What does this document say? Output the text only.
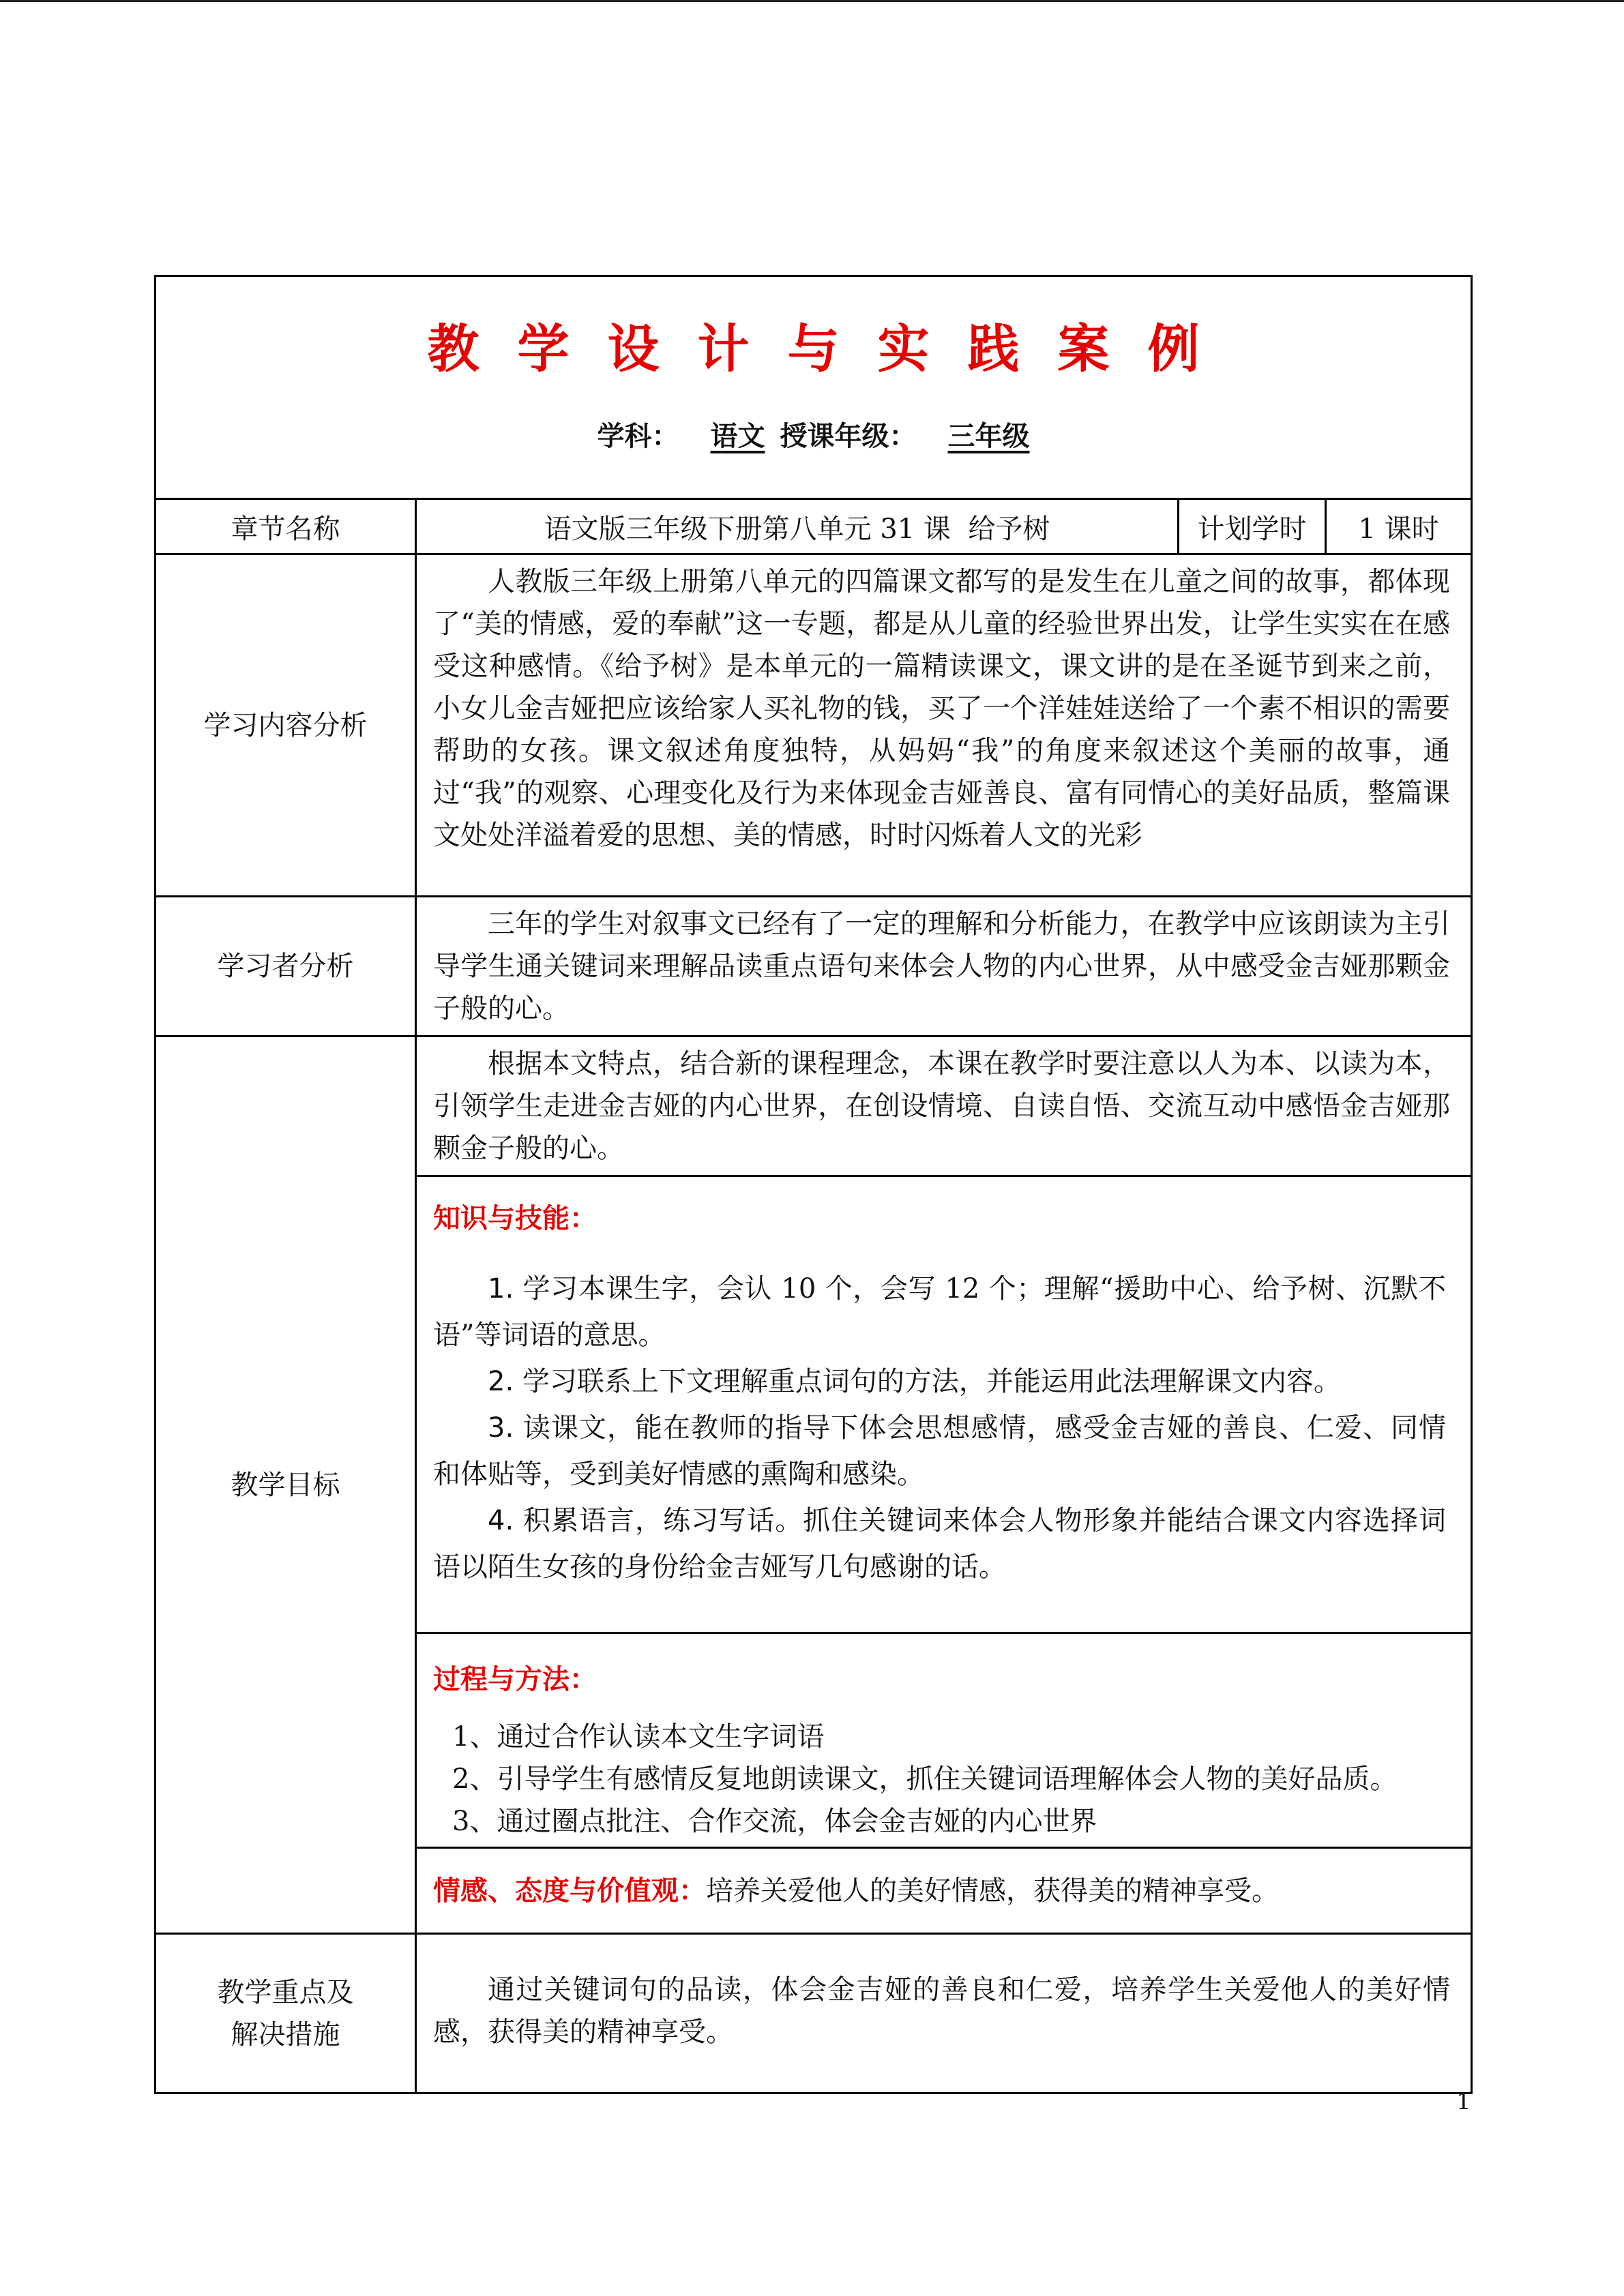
教学设计与实践案例
学科： 语文 授课年级： 三年级			

章节名称	语文版三年级下册第八单元 31 课  给予树	计划学时	1 课时
学习内容分析	人教版三年级上册第八单元的四篇课文都写的是发生在儿童之间的故事，都体现了“美的情感，爱的奉献”这一专题，都是从儿童的经验世界出发，让学生实实在在感受这种感情。《给予树》是本单元的一篇精读课文，课文讲的是在圣诞节到来之前，小女儿金吉娅把应该给家人买礼物的钱，买了一个洋娃娃送给了一个素不相识的需要帮助的女孩。课文叙述角度独特，从妈妈“我”的角度来叙述这个美丽的故事，通过“我”的观察、心理变化及行为来体现金吉娅善良、富有同情心的美好品质，整篇课文处处洋溢着爱的思想、美的情感，时时闪烁着人文的光彩		

学习者分析	三年的学生对叙事文已经有了一定的理解和分析能力，在教学中应该朗读为主引导学生通关键词来理解品读重点语句来体会人物的内心世界，从中感受金吉娅那颗金子般的心。		

教学目标	根据本文特点，结合新的课程理念，本课在教学时要注意以人为本、以读为本，引领学生走进金吉娅的内心世界，在创设情境、自读自悟、交流互动中感悟金吉娅那颗金子般的心。		

	知识与技能：

1. 学习本课生字，会认 10 个，会写 12 个；理解“援助中心、给予树、沉默不语”等词语的意思。

2. 学习联系上下文理解重点词句的方法，并能运用此法理解课文内容。

3. 读课文，能在教师的指导下体会思想感情，感受金吉娅的善良、仁爱、同情和体贴等，受到美好情感的熏陶和感染。

4. 积累语言，练习写话。抓住关键词来体会人物形象并能结合课文内容选择词语以陌生女孩的身份给金吉娅写几句感谢的话。		

	过程与方法：

1、通过合作认读本文生字词语

2、引导学生有感情反复地朗读课文，抓住关键词语理解体会人物的美好品质。

3、通过圈点批注、合作交流，体会金吉娅的内心世界		

	情感、态度与价值观：培养关爱他人的美好情感，获得美的精神享受。		

教学重点及
解决措施	通过关键词句的品读，体会金吉娅的善良和仁爱，培养学生关爱他人的美好情感，获得美的精神享受。		

1
